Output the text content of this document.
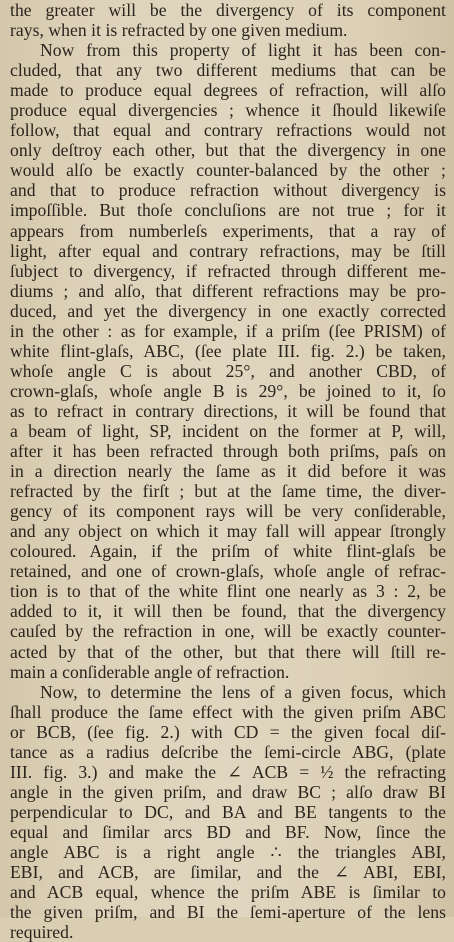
the greater will be the divergency of its component
rays, when it is refracted by one given medium.
Now from this property of light it has been con-
cluded, that any two different mediums that can be
made to produce equal degrees of refraction, will alſo
produce equal divergencies ; whence it ſhould likewiſe
follow, that equal and contrary refractions would not
only deſtroy each other, but that the divergency in one
would alſo be exactly counter-balanced by the other ;
and that to produce refraction without divergency is
impoſſible. But thoſe concluſions are not true ; for it
appears from numberleſs experiments, that a ray of
light, after equal and contrary refractions, may be ſtill
ſubject to divergency, if refracted through different me-
diums ; and alſo, that different refractions may be pro-
duced, and yet the divergency in one exactly corrected
in the other : as for example, if a priſm (ſee PRISM) of
white flint-glaſs, ABC, (ſee plate III. fig. 2.) be taken,
whoſe angle C is about 25°, and another CBD, of
crown-glaſs, whoſe angle B is 29°, be joined to it, ſo
as to refract in contrary directions, it will be found that
a beam of light, SP, incident on the former at P, will,
after it has been refracted through both priſms, paſs on
in a direction nearly the ſame as it did before it was
refracted by the firſt ; but at the ſame time, the diver-
gency of its component rays will be very conſiderable,
and any object on which it may fall will appear ſtrongly
coloured. Again, if the priſm of white flint-glaſs be
retained, and one of crown-glaſs, whoſe angle of refrac-
tion is to that of the white flint one nearly as 3 : 2, be
added to it, it will then be found, that the divergency
cauſed by the refraction in one, will be exactly counter-
acted by that of the other, but that there will ſtill re-
main a conſiderable angle of refraction.
Now, to determine the lens of a given focus, which
ſhall produce the ſame effect with the given priſm ABC
or BCB, (ſee fig. 2.) with CD = the given focal diſ-
tance as a radius deſcribe the ſemi-circle ABG, (plate
III. fig. 3.) and make the ∠ ACB = ½ the refracting
angle in the given priſm, and draw BC ; alſo draw BI
perpendicular to DC, and BA and BE tangents to the
equal and ſimilar arcs BD and BF. Now, ſince the
angle ABC is a right angle ∴ the triangles ABI,
EBI, and ACB, are ſimilar, and the ∠ ABI, EBI,
and ACB equal, whence the priſm ABE is ſimilar to
the given priſm, and BI the ſemi-aperture of the lens
required.
